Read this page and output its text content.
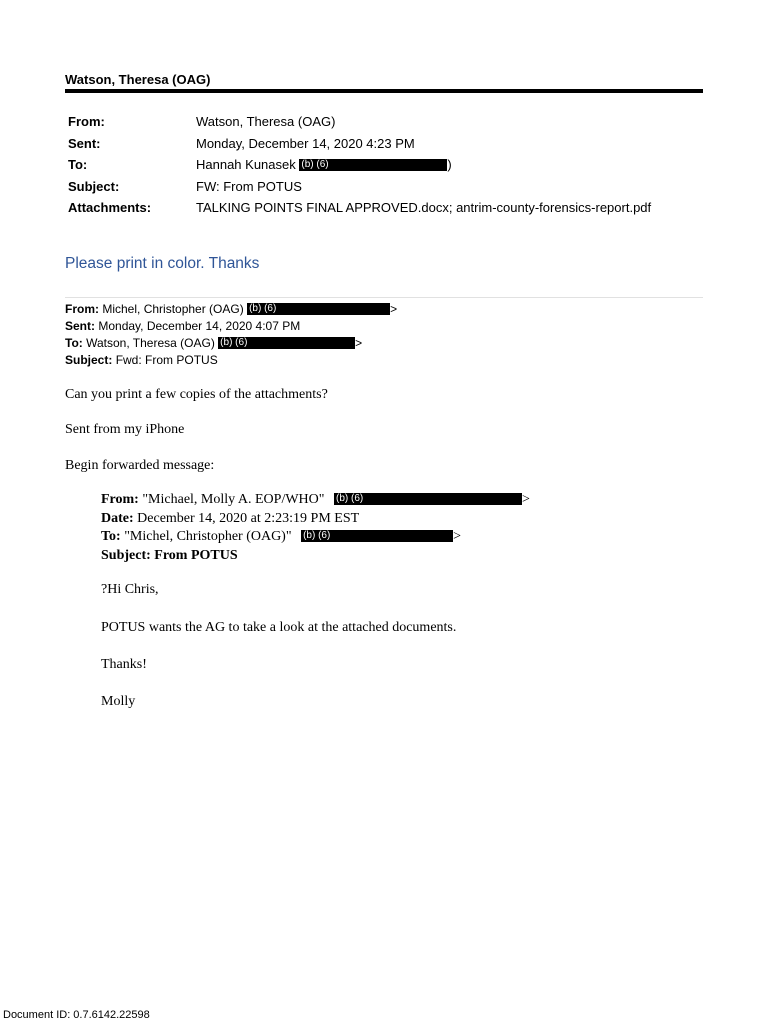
Watson, Theresa (OAG)
From:	Watson, Theresa (OAG)
Sent:	Monday, December 14, 2020 4:23 PM
To:	Hannah Kunasek (b) (6)	)
Subject:	FW: From POTUS
Attachments:	TALKING POINTS FINAL APPROVED.docx; antrim-county-forensics-report.pdf
Please print in color. Thanks
From: Michel, Christopher (OAG) (b) (6)	>
Sent: Monday, December 14, 2020 4:07 PM
To: Watson, Theresa (OAG) (b) (6)	>
Subject: Fwd: From POTUS
Can you print a few copies of the attachments?
Sent from my iPhone
Begin forwarded message:
From: "Michael, Molly A. EOP/WHO" (b) (6)	>
Date: December 14, 2020 at 2:23:19 PM EST
To: "Michel, Christopher (OAG)" (b) (6)	>
Subject: From POTUS
?Hi Chris,
POTUS wants the AG to take a look at the attached documents.
Thanks!
Molly
Document ID: 0.7.6142.22598
